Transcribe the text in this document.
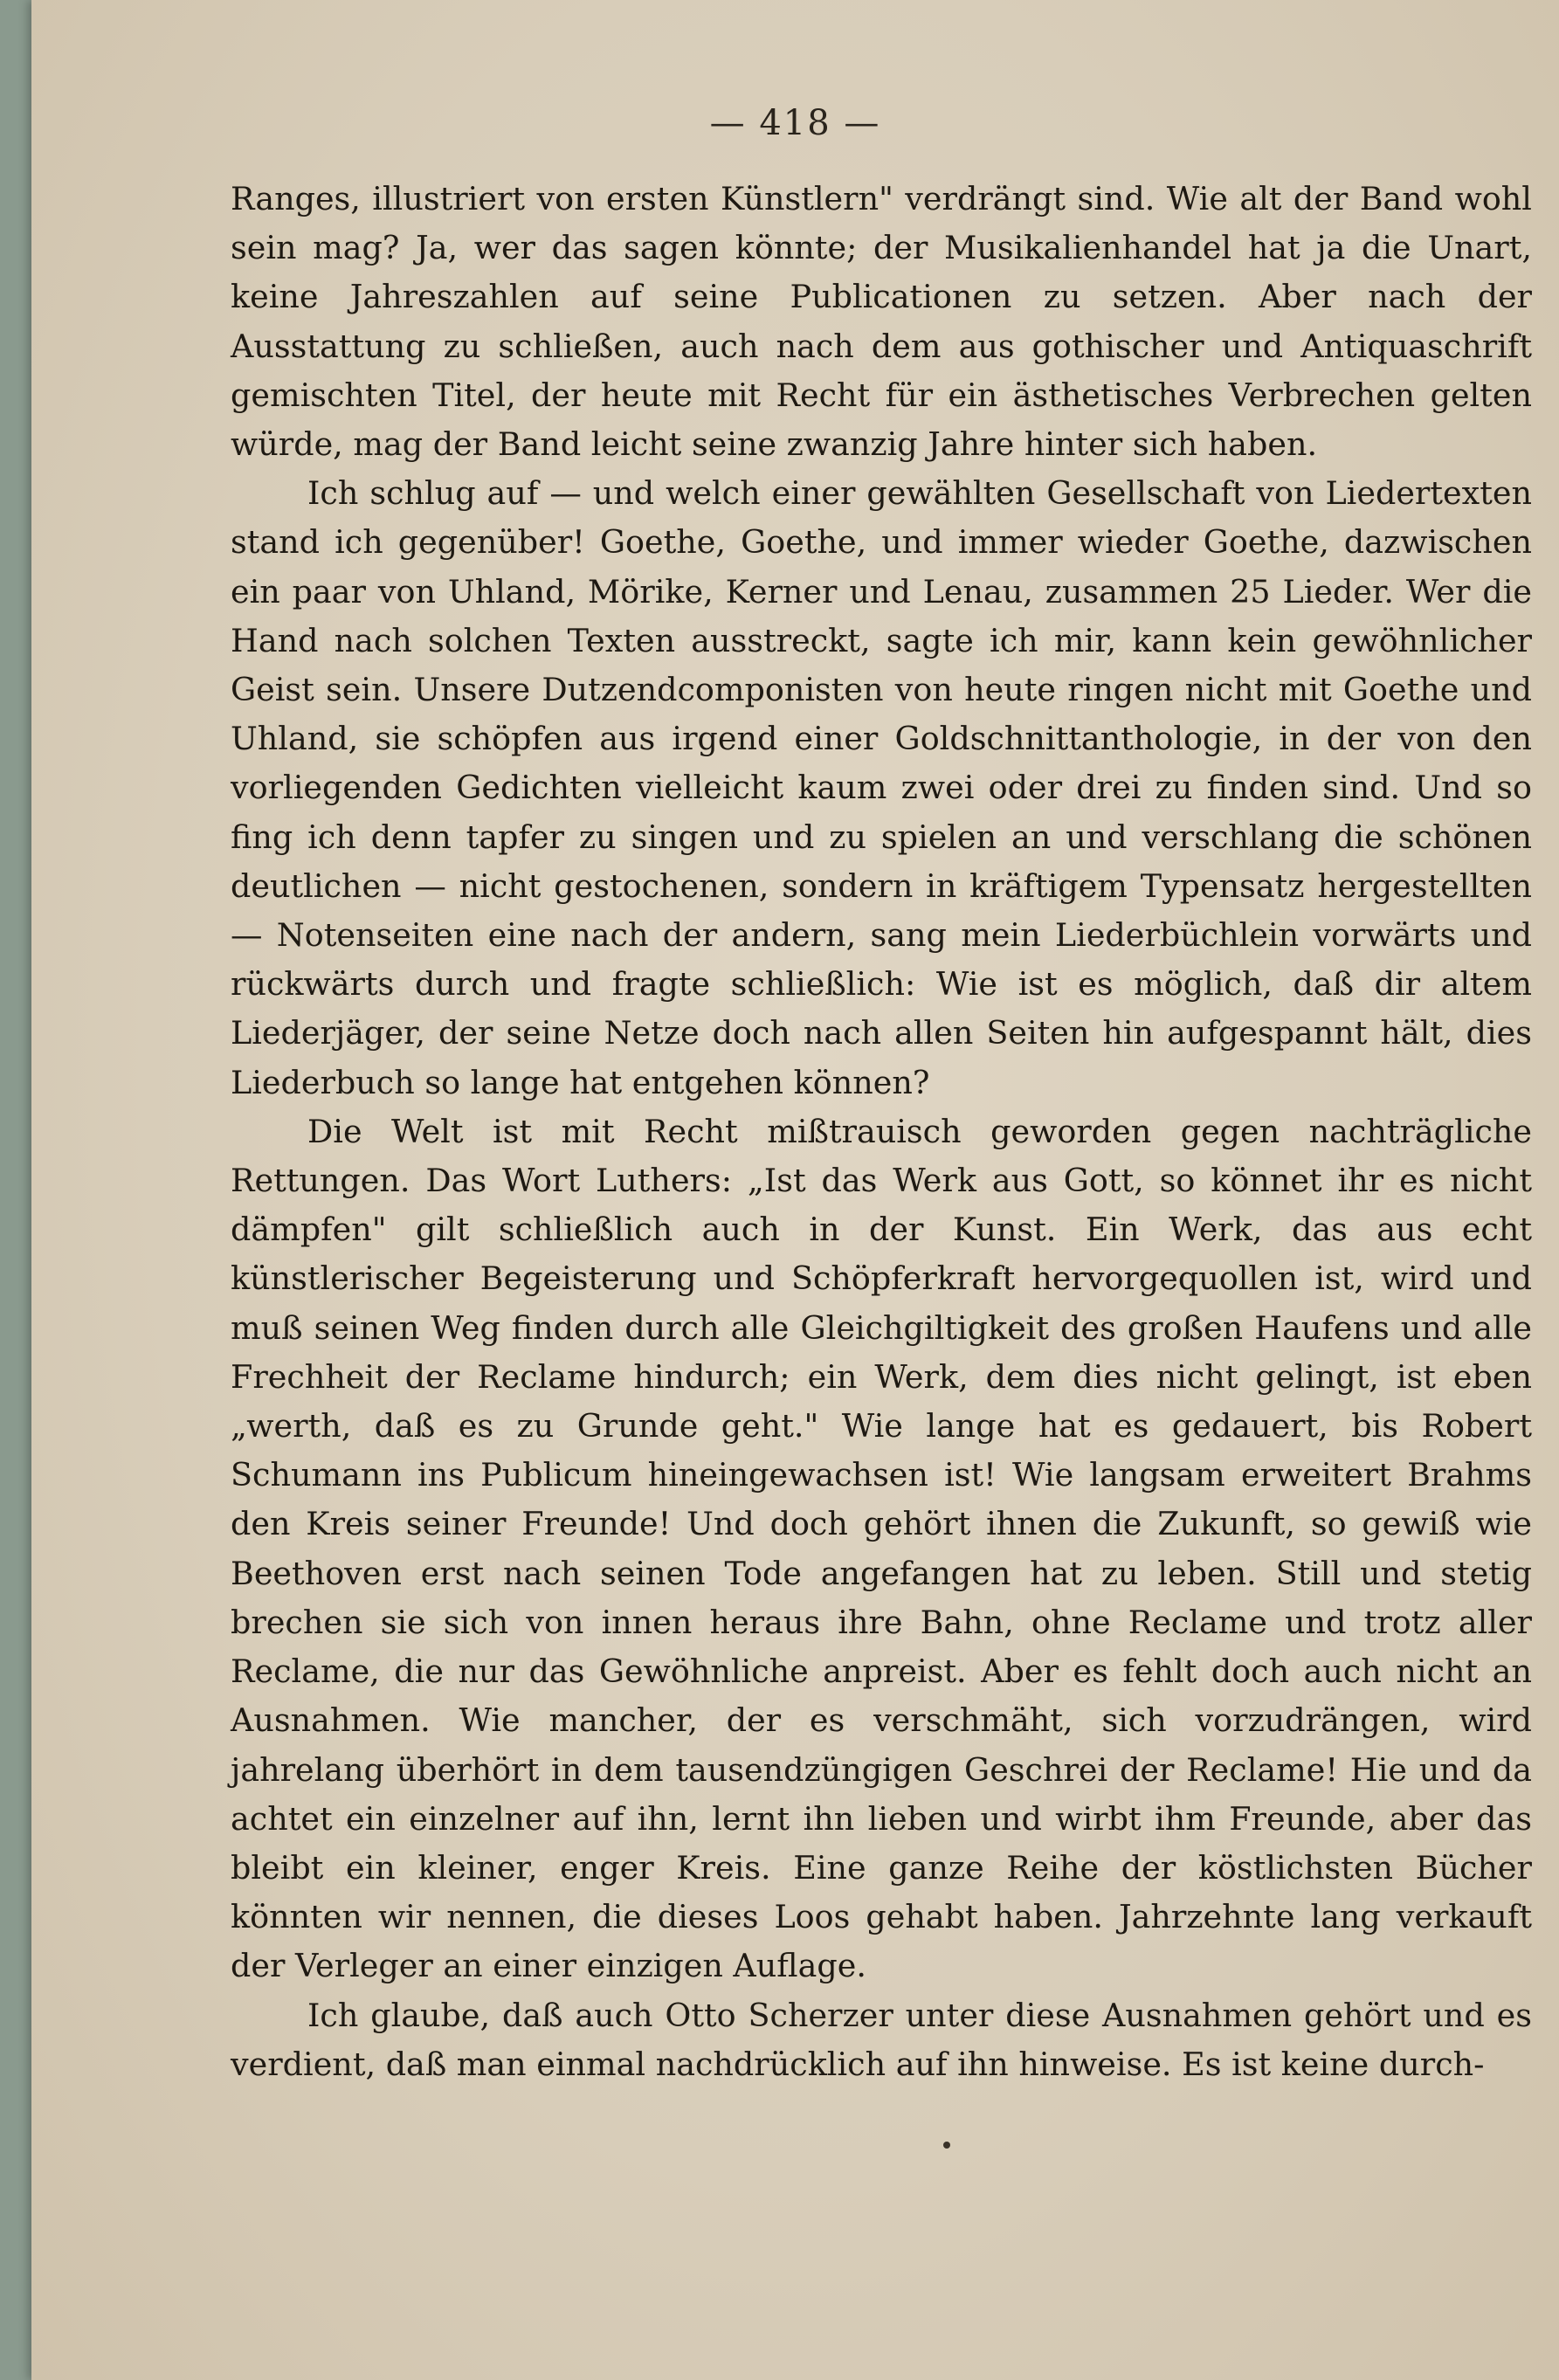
— 418 —

Ranges, illustriert von ersten Künstlern" verdrängt sind. Wie alt der Band wohl sein mag? Ja, wer das sagen könnte; der Musikalienhandel hat ja die Unart, keine Jahreszahlen auf seine Publicationen zu setzen. Aber nach der Ausstattung zu schließen, auch nach dem aus gothischer und Antiquaschrift gemischten Titel, der heute mit Recht für ein ästhetisches Verbrechen gelten würde, mag der Band leicht seine zwanzig Jahre hinter sich haben.

Ich schlug auf — und welch einer gewählten Gesellschaft von Liedertexten stand ich gegenüber! Goethe, Goethe, und immer wieder Goethe, dazwischen ein paar von Uhland, Mörike, Kerner und Lenau, zusammen 25 Lieder. Wer die Hand nach solchen Texten ausstreckt, sagte ich mir, kann kein gewöhnlicher Geist sein. Unsere Dutzendcomponisten von heute ringen nicht mit Goethe und Uhland, sie schöpfen aus irgend einer Goldschnittanthologie, in der von den vorliegenden Gedichten vielleicht kaum zwei oder drei zu finden sind. Und so fing ich denn tapfer zu singen und zu spielen an und verschlang die schönen deutlichen — nicht gestochenen, sondern in kräftigem Typensatz hergestellten — Notenseiten eine nach der andern, sang mein Liederbüchlein vorwärts und rückwärts durch und fragte schließlich: Wie ist es möglich, daß dir altem Liederjäger, der seine Netze doch nach allen Seiten hin aufgespannt hält, dies Liederbuch so lange hat entgehen können?

Die Welt ist mit Recht mißtrauisch geworden gegen nachträgliche Rettungen. Das Wort Luthers: „Ist das Werk aus Gott, so könnet ihr es nicht dämpfen" gilt schließlich auch in der Kunst. Ein Werk, das aus echt künstlerischer Begeisterung und Schöpferkraft hervorgequollen ist, wird und muß seinen Weg finden durch alle Gleichgiltigkeit des großen Haufens und alle Frechheit der Reclame hindurch; ein Werk, dem dies nicht gelingt, ist eben „werth, daß es zu Grunde geht." Wie lange hat es gedauert, bis Robert Schumann ins Publicum hineingewachsen ist! Wie langsam erweitert Brahms den Kreis seiner Freunde! Und doch gehört ihnen die Zukunft, so gewiß wie Beethoven erst nach seinen Tode angefangen hat zu leben. Still und stetig brechen sie sich von innen heraus ihre Bahn, ohne Reclame und trotz aller Reclame, die nur das Gewöhnliche anpreist. Aber es fehlt doch auch nicht an Ausnahmen. Wie mancher, der es verschmäht, sich vorzudrängen, wird jahrelang überhört in dem tausendzüngigen Geschrei der Reclame! Hie und da achtet ein einzelner auf ihn, lernt ihn lieben und wirbt ihm Freunde, aber das bleibt ein kleiner, enger Kreis. Eine ganze Reihe der köstlichsten Bücher könnten wir nennen, die dieses Loos gehabt haben. Jahrzehnte lang verkauft der Verleger an einer einzigen Auflage.

Ich glaube, daß auch Otto Scherzer unter diese Ausnahmen gehört und es verdient, daß man einmal nachdrücklich auf ihn hinweise. Es ist keine durch-
